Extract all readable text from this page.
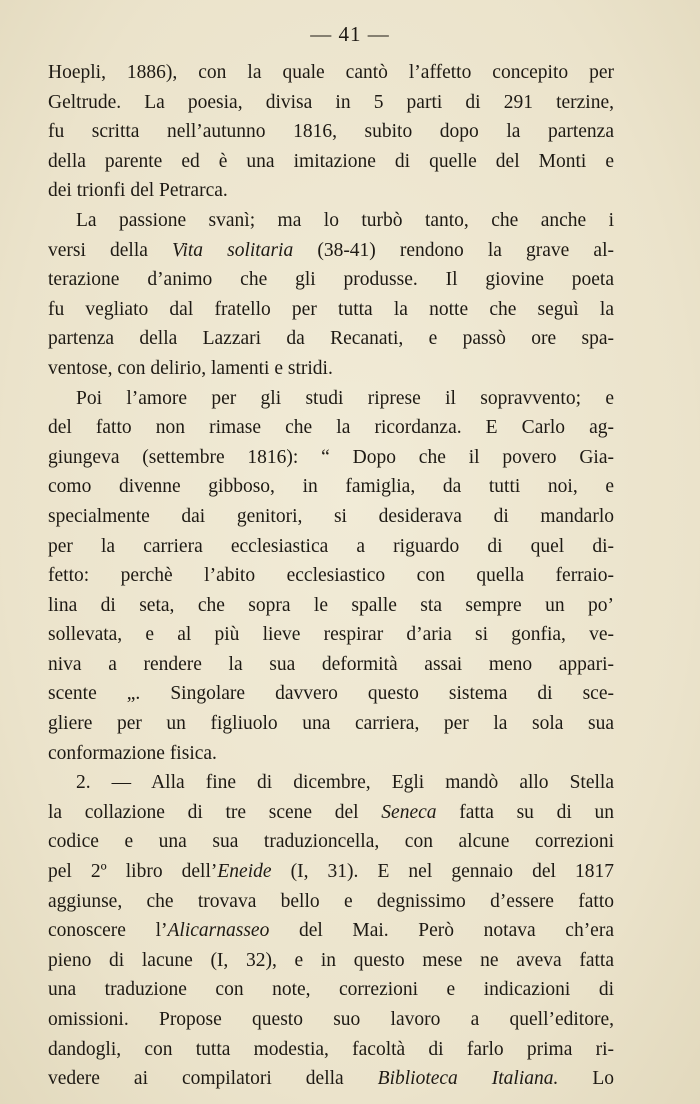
— 41 —
Hoepli, 1886), con la quale cantò l’affetto concepito per
Geltrude. La poesia, divisa in 5 parti di 291 terzine,
fu scritta nell’autunno 1816, subito dopo la partenza
della parente ed è una imitazione di quelle del Monti e
dei trionfi del Petrarca.
La passione svanì; ma lo turbò tanto, che anche i
versi della Vita solitaria (38-41) rendono la grave al-
terazione d’animo che gli produsse. Il giovine poeta
fu vegliato dal fratello per tutta la notte che seguì la
partenza della Lazzari da Recanati, e passò ore spa-
ventose, con delirio, lamenti e stridi.
Poi l’amore per gli studi riprese il sopravvento; e
del fatto non rimase che la ricordanza. E Carlo ag-
giungeva (settembre 1816): “ Dopo che il povero Gia-
como divenne gibboso, in famiglia, da tutti noi, e
specialmente dai genitori, si desiderava di mandarlo
per la carriera ecclesiastica a riguardo di quel di-
fetto: perchè l’abito ecclesiastico con quella ferraio-
lina di seta, che sopra le spalle sta sempre un po’
sollevata, e al più lieve respirar d’aria si gonfia, ve-
niva a rendere la sua deformità assai meno appari-
scente „. Singolare davvero questo sistema di sce-
gliere per un figliuolo una carriera, per la sola sua
conformazione fisica.
2. — Alla fine di dicembre, Egli mandò allo Stella
la collazione di tre scene del Seneca fatta su di un
codice e una sua traduzioncella, con alcune correzioni
pel 2º libro dell’Eneide (I, 31). E nel gennaio del 1817
aggiunse, che trovava bello e degnissimo d’essere fatto
conoscere l’Alicarnasseo del Mai. Però notava ch’era
pieno di lacune (I, 32), e in questo mese ne aveva fatta
una traduzione con note, correzioni e indicazioni di
omissioni. Propose questo suo lavoro a quell’editore,
dandogli, con tutta modestia, facoltà di farlo prima ri-
vedere ai compilatori della Biblioteca Italiana. Lo
